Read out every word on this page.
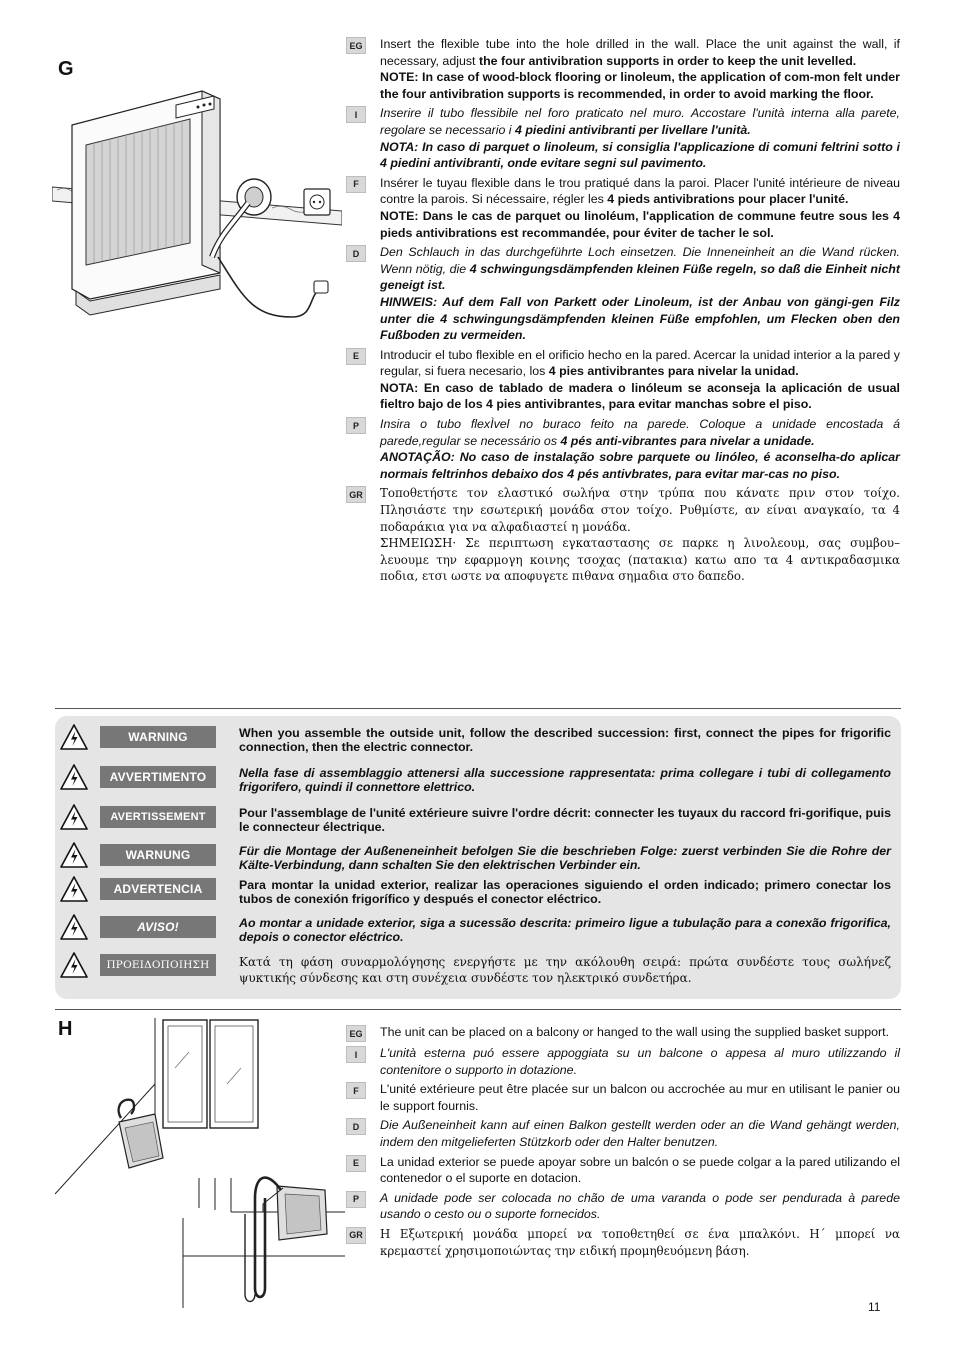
G
EG Insert the flexible tube into the hole drilled in the wall. Place the unit against the wall, if necessary, adjust the four antivibration supports in order to keep the unit levelled.
NOTE: In case of wood-block flooring or linoleum, the application of com-mon felt under the four antivibration supports is recommended, in order to avoid marking the floor.
I	Inserire il tubo flessibile nel foro praticato nel muro. Accostare l'unità interna alla parete, regolare se necessario i 4 piedini antivibranti per livellare l'unità.
NOTA: In caso di parquet o linoleum, si consiglia l'applicazione di comuni feltrini sotto i 4 piedini antivibranti, onde evitare segni sul pavimento.
F	Insérer le tuyau flexible dans le trou pratiqué dans la paroi. Placer l'unité intérieure de niveau contre la parois. Si nécessaire, régler les 4 pieds antivibrations pour placer l'unité.
NOTE: Dans le cas de parquet ou linoléum, l'application de commune feutre sous les 4 pieds antivibrations est recommandée, pour éviter de tacher le sol.
D	Den Schlauch in das durchgeführte Loch einsetzen. Die Inneneinheit an die Wand rücken. Wenn nötig, die 4 schwingungsdämpfenden kleinen Füße regeln, so daß die Einheit nicht geneigt ist.
HINWEIS: Auf dem Fall von Parkett oder Linoleum, ist der Anbau von gängi-gen Filz unter die 4 schwingungsdämpfenden kleinen Füße empfohlen, um Flecken oben den Fußboden zu vermeiden.
E	Introducir el tubo flexible en el orificio hecho en la pared. Acercar la unidad interior a la pared y regular, si fuera necesario, los 4 pies antivibrantes para nivelar la unidad.
NOTA: En caso de tablado de madera o linóleum se aconseja la aplicación de usual fieltro bajo de los 4 pies antivibrantes, para evitar manchas sobre el piso.
P	Insira o tubo flexÌvel no buraco feito na parede. Coloque a unidade encostada á parede,regular se necessário os 4 pés anti-vibrantes para nivelar a unidade.
ANOTAÇÃO: No caso de instalação sobre parquete ou linóleo, é aconselha-do aplicar normais feltrinhos debaixo dos 4 pés antivbrates, para evitar mar-cas no piso.
GR Τοποθετήστε τον ελαστικό σωλήνα στην τρύπα που κάνατε πριν στον τοίχο. Πλησιάστε την εσωτερική μονάδα στον τοίχο. Ρυθμίστε, αν είναι αναγκαίο, τα 4 ποδαράκια για να αλφαδιαστεί η μονάδα.
ΣΗΜΕΙΩΣΗ· Σε περιπτωση εγκαταστασης σε παρκε η λινολεουμ, σας συμβου–λευουμε την εφαρμογη κοινης τσοχας (πατακια) κατω απο τα 4 αντικραδασμικα ποδια, ετσι ωστε να αποφυγετε πιθανα σημαδια στο δαπεδο.
WARNING	When you assemble the outside unit, follow the described succession: first, connect the pipes for frigorific connection, then the electric connector.
AVVERTIMENTO	Nella fase di assemblaggio attenersi alla successione rappresentata: prima collegare i tubi di collegamento frigorifero, quindi il connettore elettrico.
AVERTISSEMENT	Pour l'assemblage de l'unité extérieure suivre l'ordre décrit: connecter les tuyaux du raccord fri-gorifique, puis le connecteur électrique.
WARNUNG	Für die Montage der Außeneneinheit befolgen Sie die beschrieben Folge: zuerst verbinden Sie die Rohre der Kälte-Verbindung, dann schalten Sie den elektrischen Verbinder ein.
ADVERTENCIA	Para montar la unidad exterior, realizar las operaciones siguiendo el orden indicado; primero conectar los tubos de conexión frigorífico y después el conector eléctrico.
AVISO!	Ao montar a unidade exterior, siga a sucessão descrita: primeiro ligue a tubulação para a conexão frigorifica, depois o conector eléctrico.
ΠΡΟΕΙΔΟΠΟΙΗΣΗ	Κατά τη φάση συναρμολόγησης ενεργήστε με την ακόλουθη σειρά: πρώτα συνδέστε τους σωλήνεζ ψυκτικής σύνδεσης και στη συνέχεια συνδέστε τον ηλεκτρικό συνδετήρα.
H	EG The unit can be placed on a balcony or hanged to the wall using the supplied basket support.
I	L'unità esterna puó essere appoggiata su un balcone o appesa al muro utilizzando il contenitore o supporto in dotazione.
F	L'unité extérieure peut être placée sur un balcon ou accrochée au mur en utilisant le panier ou le support fournis.
D	Die Außeneinheit kann auf einen Balkon gestellt werden oder an die Wand gehängt werden, indem den mitgelieferten Stützkorb oder den Halter benutzen.
E	La unidad exterior se puede apoyar sobre un balcón o se puede colgar a la pared utilizando el contenedor o el suporte en dotacion.
P	A unidade pode ser colocada no chão de uma varanda o pode ser pendurada à parede usando o cesto ou o suporte fornecidos.
GR Η Εξωτερική μονάδα μπορεί να τοποθετηθεί σε ένα μπαλκόνι. Η΄ μπορεί να κρεμαστεί χρησιμοποιώντας την ειδική προμηθευόμενη βάση.
11
